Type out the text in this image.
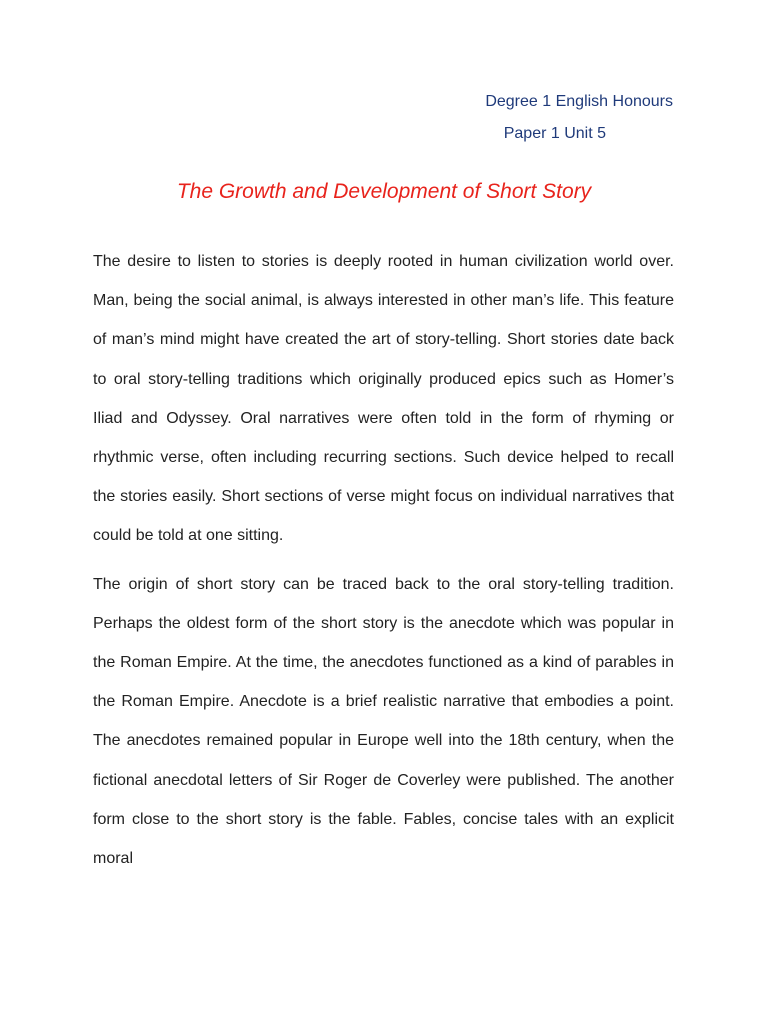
Degree 1 English Honours
Paper 1 Unit 5
The Growth and Development of Short Story

The desire to listen to stories is deeply rooted in human civilization world over. Man, being the social animal, is always interested in other man’s life. This feature of man’s mind might have created the art of story-telling. Short stories date back to oral story-telling traditions which originally produced epics such as Homer’s Iliad and Odyssey. Oral narratives were often told in the form of rhyming or rhythmic verse, often including recurring sections. Such device helped to recall the stories easily. Short sections of verse might focus on individual narratives that could be told at one sitting.

The origin of short story can be traced back to the oral story-telling tradition. Perhaps the oldest form of the short story is the anecdote which was popular in the Roman Empire. At the time, the anecdotes functioned as a kind of parables in the Roman Empire. Anecdote is a brief realistic narrative that embodies a point. The anecdotes remained popular in Europe well into the 18th century, when the fictional anecdotal letters of Sir Roger de Coverley were published. The another form close to the short story is the fable. Fables, concise tales with an explicit moral
